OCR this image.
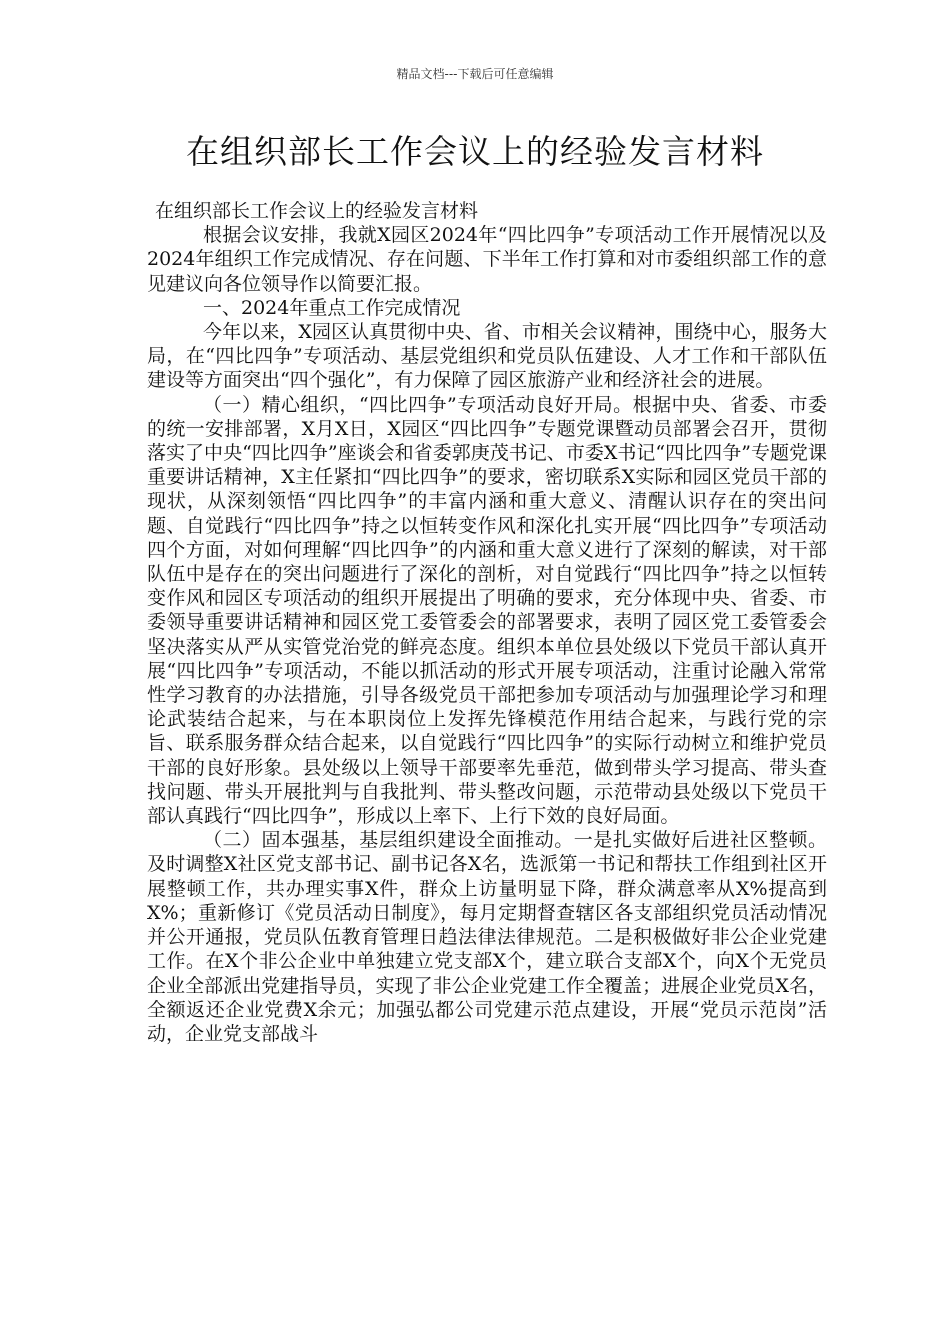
精品文档---下载后可任意编辑
在组织部长工作会议上的经验发言材料

在组织部长工作会议上的经验发言材料

根据会议安排，我就X园区2024年“四比四争”专项活动工作开展情况以及2024年组织工作完成情况、存在问题、下半年工作打算和对市委组织部工作的意见建议向各位领导作以简要汇报。

一、2024年重点工作完成情况

今年以来，X园区认真贯彻中央、省、市相关会议精神，围绕中心，服务大局，在“四比四争”专项活动、基层党组织和党员队伍建设、人才工作和干部队伍建设等方面突出“四个强化”，有力保障了园区旅游产业和经济社会的进展。

（一）精心组织，“四比四争”专项活动良好开局。根据中央、省委、市委的统一安排部署，X月X日，X园区“四比四争”专题党课暨动员部署会召开，贯彻落实了中央“四比四争”座谈会和省委郭庚茂书记、市委X书记“四比四争”专题党课重要讲话精神，X主任紧扣“四比四争”的要求，密切联系X实际和园区党员干部的现状，从深刻领悟“四比四争”的丰富内涵和重大意义、清醒认识存在的突出问题、自觉践行“四比四争”持之以恒转变作风和深化扎实开展“四比四争”专项活动四个方面，对如何理解“四比四争”的内涵和重大意义进行了深刻的解读，对干部队伍中是存在的突出问题进行了深化的剖析，对自觉践行“四比四争”持之以恒转变作风和园区专项活动的组织开展提出了明确的要求，充分体现中央、省委、市委领导重要讲话精神和园区党工委管委会的部署要求，表明了园区党工委管委会坚决落实从严从实管党治党的鲜亮态度。组织本单位县处级以下党员干部认真开展“四比四争”专项活动，不能以抓活动的形式开展专项活动，注重讨论融入常常性学习教育的办法措施，引导各级党员干部把参加专项活动与加强理论学习和理论武装结合起来，与在本职岗位上发挥先锋模范作用结合起来，与践行党的宗旨、联系服务群众结合起来，以自觉践行“四比四争”的实际行动树立和维护党员干部的良好形象。县处级以上领导干部要率先垂范，做到带头学习提高、带头查找问题、带头开展批判与自我批判、带头整改问题，示范带动县处级以下党员干部认真践行“四比四争”，形成以上率下、上行下效的良好局面。

（二）固本强基，基层组织建设全面推动。一是扎实做好后进社区整顿。及时调整X社区党支部书记、副书记各X名，选派第一书记和帮扶工作组到社区开展整顿工作，共办理实事X件，群众上访量明显下降，群众满意率从X%提高到X%；重新修订《党员活动日制度》，每月定期督查辖区各支部组织党员活动情况并公开通报，党员队伍教育管理日趋法律法律规范。二是积极做好非公企业党建工作。在X个非公企业中单独建立党支部X个，建立联合支部X个，向X个无党员企业全部派出党建指导员，实现了非公企业党建工作全覆盖；进展企业党员X名，全额返还企业党费X余元；加强弘都公司党建示范点建设，开展“党员示范岗”活动，企业党支部战斗
